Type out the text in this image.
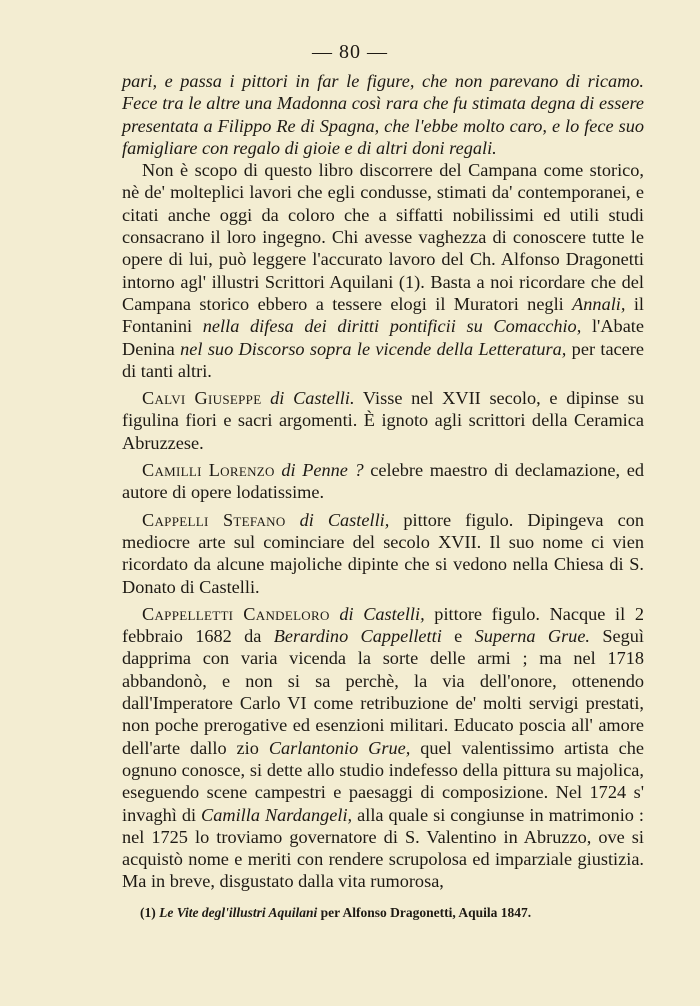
— 80 —

pari, e passa i pittori in far le figure, che non parevano di ricamo. Fece tra le altre una Madonna così rara che fu stimata degna di essere presentata a Filippo Re di Spagna, che l'ebbe molto caro, e lo fece suo famigliare con regalo di gioie e di altri doni regali.

Non è scopo di questo libro discorrere del Campana come storico, nè de' molteplici lavori che egli condusse, stimati da' contemporanei, e citati anche oggi da coloro che a siffatti nobilissimi ed utili studi consacrano il loro ingegno. Chi avesse vaghezza di conoscere tutte le opere di lui, può leggere l'accurato lavoro del Ch. Alfonso Dragonetti intorno agl' illustri Scrittori Aquilani (1). Basta a noi ricordare che del Campana storico ebbero a tessere elogi il Muratori negli Annali, il Fontanini nella difesa dei diritti pontificii su Comacchio, l'Abate Denina nel suo Discorso sopra le vicende della Letteratura, per tacere di tanti altri.

Calvi Giuseppe di Castelli. Visse nel XVII secolo, e dipinse su figulina fiori e sacri argomenti. È ignoto agli scrittori della Ceramica Abruzzese.

Camilli Lorenzo di Penne ? celebre maestro di declamazione, ed autore di opere lodatissime.

Cappelli Stefano di Castelli, pittore figulo. Dipingeva con mediocre arte sul cominciare del secolo XVII. Il suo nome ci vien ricordato da alcune majoliche dipinte che si vedono nella Chiesa di S. Donato di Castelli.

Cappelletti Candeloro di Castelli, pittore figulo. Nacque il 2 febbraio 1682 da Berardino Cappelletti e Superna Grue. Seguì dapprima con varia vicenda la sorte delle armi ; ma nel 1718 abbandonò, e non si sa perchè, la via dell'onore, ottenendo dall'Imperatore Carlo VI come retribuzione de' molti servigi prestati, non poche prerogative ed esenzioni militari. Educato poscia all' amore dell'arte dallo zio Carlantonio Grue, quel valentissimo artista che ognuno conosce, si dette allo studio indefesso della pittura su majolica, eseguendo scene campestri e paesaggi di composizione. Nel 1724 s' invaghì di Camilla Nardangeli, alla quale si congiunse in matrimonio : nel 1725 lo troviamo governatore di S. Valentino in Abruzzo, ove si acquistò nome e meriti con rendere scrupolosa ed imparziale giustizia. Ma in breve, disgustato dalla vita rumorosa,

(1) Le Vite degl'illustri Aquilani per Alfonso Dragonetti, Aquila 1847.
